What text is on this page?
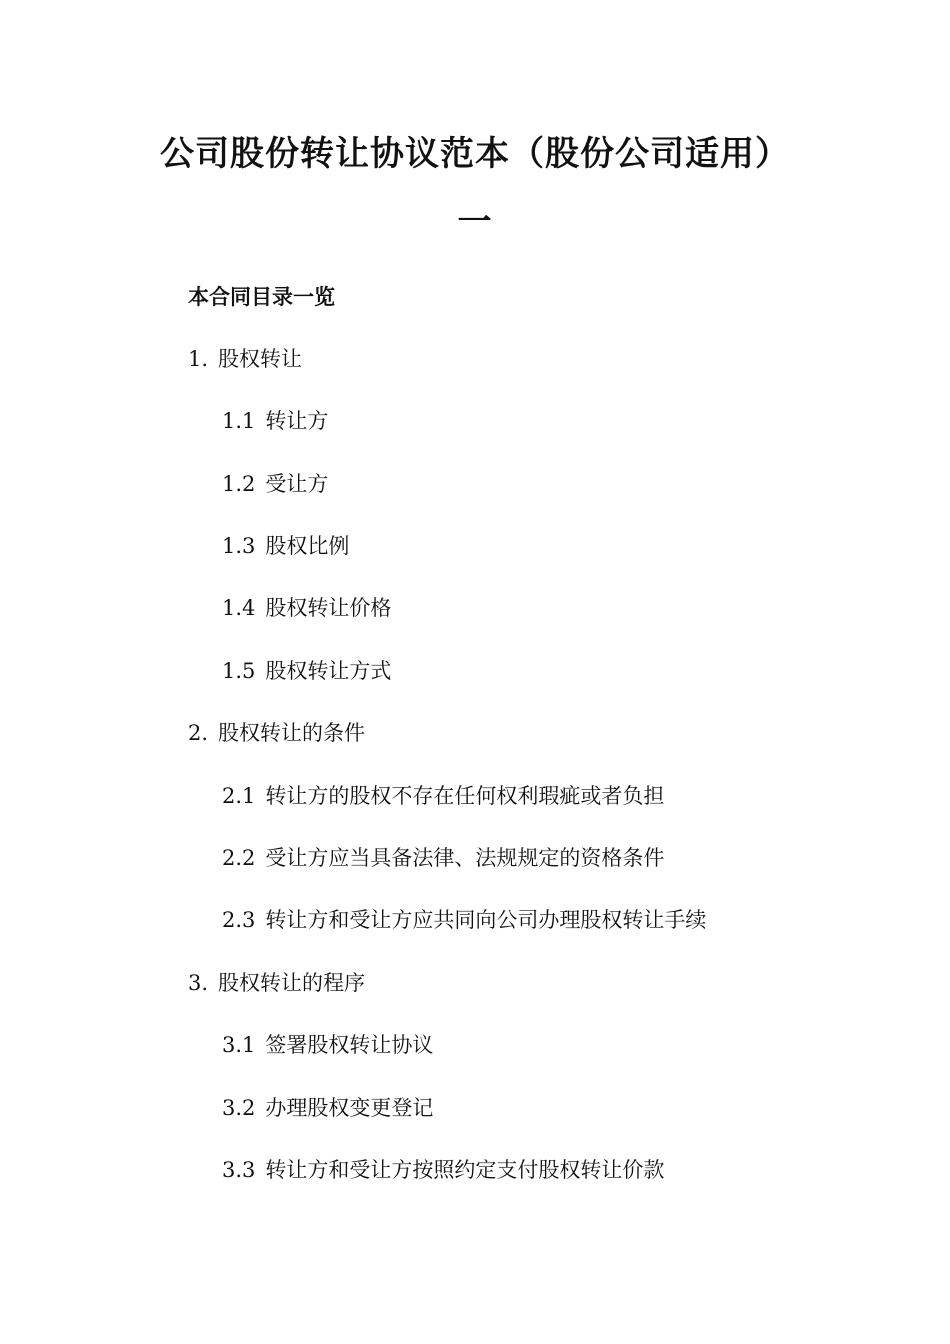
公司股份转让协议范本（股份公司适用）
一
本合同目录一览
1. 股权转让
1.1 转让方
1.2 受让方
1.3 股权比例
1.4 股权转让价格
1.5 股权转让方式
2. 股权转让的条件
2.1 转让方的股权不存在任何权利瑕疵或者负担
2.2 受让方应当具备法律、法规规定的资格条件
2.3 转让方和受让方应共同向公司办理股权转让手续
3. 股权转让的程序
3.1 签署股权转让协议
3.2 办理股权变更登记
3.3 转让方和受让方按照约定支付股权转让价款
